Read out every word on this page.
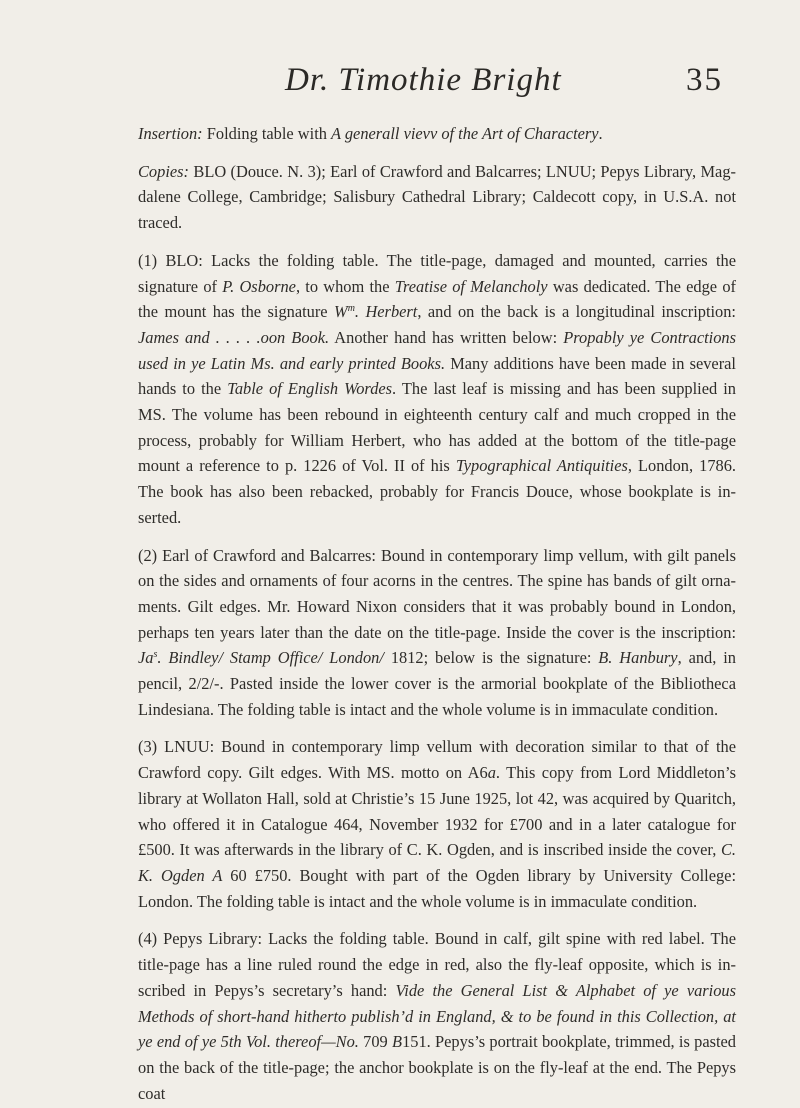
Dr. Timothie Bright	35

Insertion: Folding table with A generall vievv of the Art of Charactery.

Copies: BLO (Douce. N. 3); Earl of Crawford and Balcarres; LNUU; Pepys Library, Magdalene College, Cambridge; Salisbury Cathedral Library; Caldecott copy, in U.S.A. not traced.

(1) BLO: Lacks the folding table. The title-page, damaged and mounted, carries the signature of P. Osborne, to whom the Treatise of Melancholy was dedicated. The edge of the mount has the signature $W^m$. Herbert, and on the back is a longitudinal inscription: James and . . . . .oon Book. Another hand has written below: Propably ye Contractions used in ye Latin Ms. and early printed Books. Many additions have been made in several hands to the Table of English Wordes. The last leaf is missing and has been supplied in MS. The volume has been rebound in eighteenth century calf and much cropped in the process, probably for William Herbert, who has added at the bottom of the title-page mount a reference to p. 1226 of Vol. II of his Typographical Antiquities, London, 1786. The book has also been rebacked, probably for Francis Douce, whose bookplate is inserted.

(2) Earl of Crawford and Balcarres: Bound in contemporary limp vellum, with gilt panels on the sides and ornaments of four acorns in the centres. The spine has bands of gilt ornaments. Gilt edges. Mr. Howard Nixon considers that it was probably bound in London, perhaps ten years later than the date on the title-page. Inside the cover is the inscription: Ja$^s$. Bindley/ Stamp Office/ London/ 1812; below is the signature: B. Hanbury, and, in pencil, 2/2/-. Pasted inside the lower cover is the armorial bookplate of the Bibliotheca Lindesiana. The folding table is intact and the whole volume is in immaculate condition.

(3) LNUU: Bound in contemporary limp vellum with decoration similar to that of the Crawford copy. Gilt edges. With MS. motto on A6a. This copy from Lord Middleton’s library at Wollaton Hall, sold at Christie’s 15 June 1925, lot 42, was acquired by Quaritch, who offered it in Catalogue 464, November 1932 for £700 and in a later catalogue for £500. It was afterwards in the library of C. K. Ogden, and is inscribed inside the cover, C. K. Ogden A 60 £750. Bought with part of the Ogden library by University College: London. The folding table is intact and the whole volume is in immaculate condition.

(4) Pepys Library: Lacks the folding table. Bound in calf, gilt spine with red label. The title-page has a line ruled round the edge in red, also the fly-leaf opposite, which is inscribed in Pepys’s secretary’s hand: Vide the General List & Alphabet of ye various Methods of short-hand hitherto publish’d in England, & to be found in this Collection, at ye end of ye 5th Vol. thereof—No. 709 B151. Pepys’s portrait bookplate, trimmed, is pasted on the back of the title-page; the anchor bookplate is on the fly-leaf at the end. The Pepys coat
